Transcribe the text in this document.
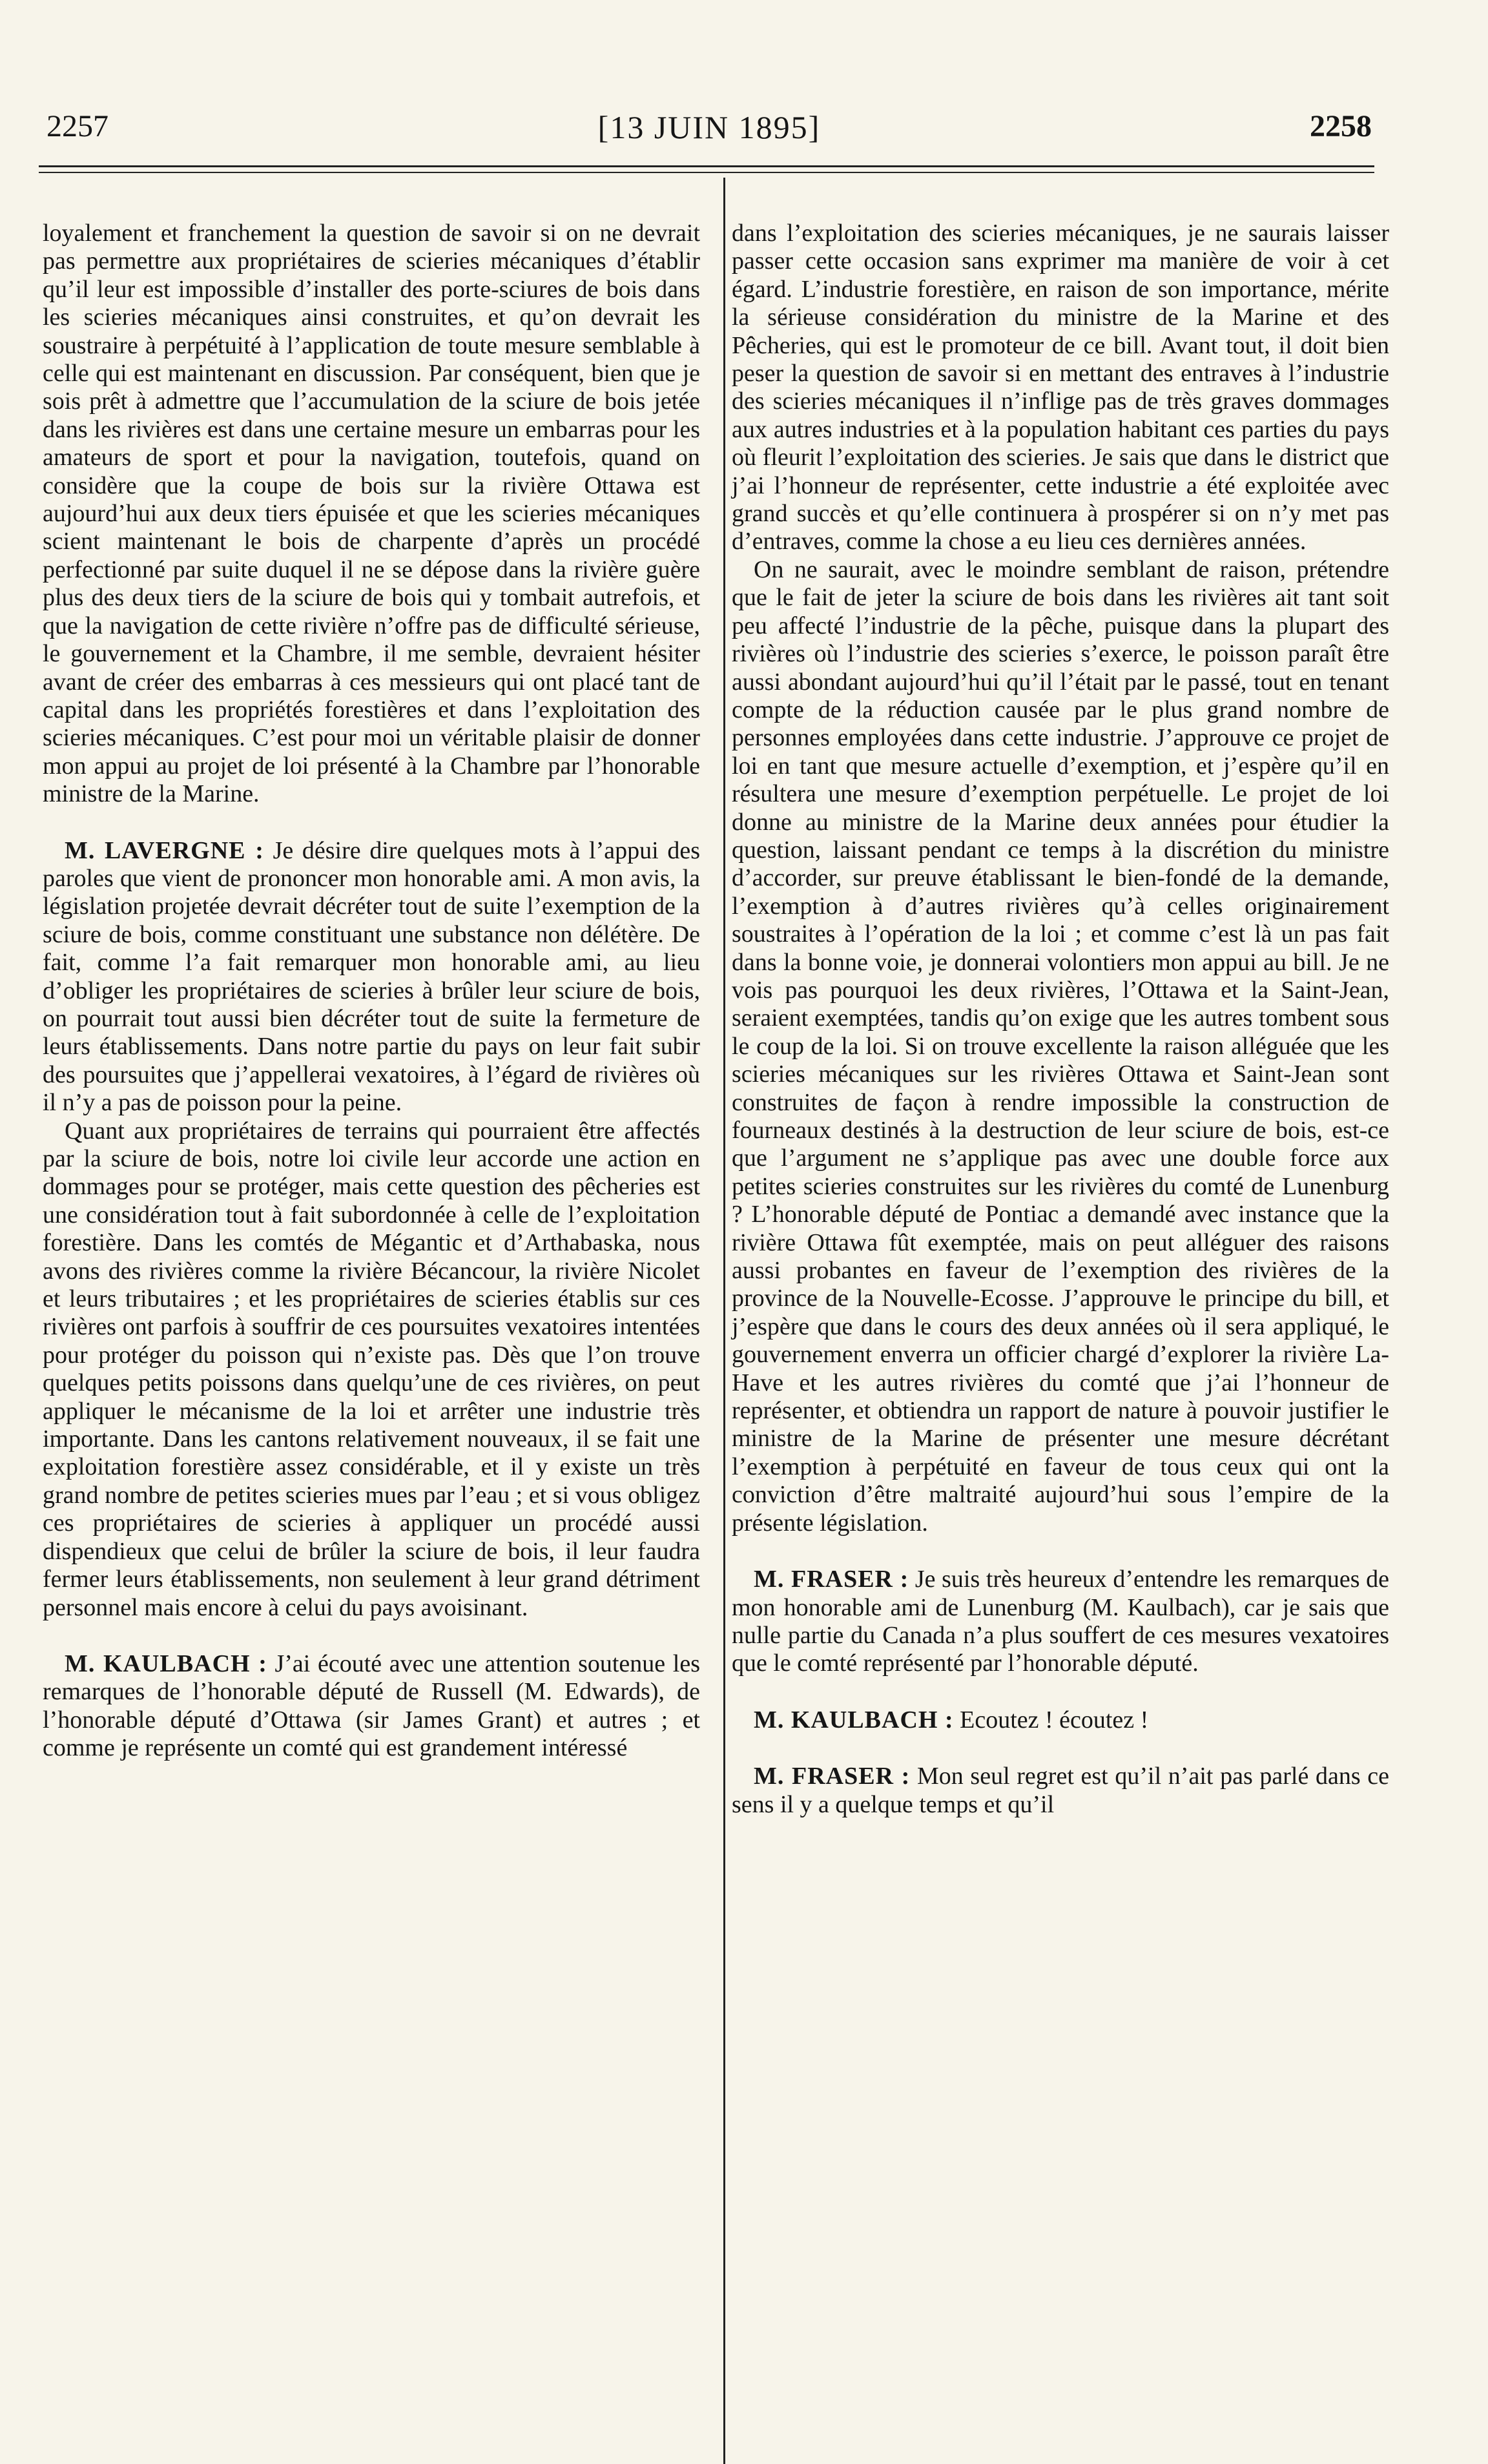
2257	[13 JUIN 1895]	2258

loyalement et franchement la question de savoir si on ne devrait pas permettre aux propriétaires de scieries mécaniques d’établir qu’il leur est impossible d’installer des porte-sciures de bois dans les scieries mécaniques ainsi construites, et qu’on devrait les soustraire à perpétuité à l’application de toute mesure semblable à celle qui est maintenant en discussion. Par conséquent, bien que je sois prêt à admettre que l’accumulation de la sciure de bois jetée dans les rivières est dans une certaine mesure un embarras pour les amateurs de sport et pour la navigation, toutefois, quand on considère que la coupe de bois sur la rivière Ottawa est aujourd’hui aux deux tiers épuisée et que les scieries mécaniques scient maintenant le bois de charpente d’après un procédé perfectionné par suite duquel il ne se dépose dans la rivière guère plus des deux tiers de la sciure de bois qui y tombait autrefois, et que la navigation de cette rivière n’offre pas de difficulté sérieuse, le gouvernement et la Chambre, il me semble, devraient hésiter avant de créer des embarras à ces messieurs qui ont placé tant de capital dans les propriétés forestières et dans l’exploitation des scieries mécaniques. C’est pour moi un véritable plaisir de donner mon appui au projet de loi présenté à la Chambre par l’honorable ministre de la Marine.

M. LAVERGNE : Je désire dire quelques mots à l’appui des paroles que vient de prononcer mon honorable ami. A mon avis, la législation projetée devrait décréter tout de suite l’exemption de la sciure de bois, comme constituant une substance non délétère. De fait, comme l’a fait remarquer mon honorable ami, au lieu d’obliger les propriétaires de scieries à brûler leur sciure de bois, on pourrait tout aussi bien décréter tout de suite la fermeture de leurs établissements. Dans notre partie du pays on leur fait subir des poursuites que j’appellerai vexatoires, à l’égard de rivières où il n’y a pas de poisson pour la peine.

Quant aux propriétaires de terrains qui pourraient être affectés par la sciure de bois, notre loi civile leur accorde une action en dommages pour se protéger, mais cette question des pêcheries est une considération tout à fait subordonnée à celle de l’exploitation forestière. Dans les comtés de Mégantic et d’Arthabaska, nous avons des rivières comme la rivière Bécancour, la rivière Nicolet et leurs tributaires ; et les propriétaires de scieries établis sur ces rivières ont parfois à souffrir de ces poursuites vexatoires intentées pour protéger du poisson qui n’existe pas. Dès que l’on trouve quelques petits poissons dans quelqu’une de ces rivières, on peut appliquer le mécanisme de la loi et arrêter une industrie très importante. Dans les cantons relativement nouveaux, il se fait une exploitation forestière assez considérable, et il y existe un très grand nombre de petites scieries mues par l’eau ; et si vous obligez ces propriétaires de scieries à appliquer un procédé aussi dispendieux que celui de brûler la sciure de bois, il leur faudra fermer leurs établissements, non seulement à leur grand détriment personnel mais encore à celui du pays avoisinant.

M. KAULBACH : J’ai écouté avec une attention soutenue les remarques de l’honorable député de Russell (M. Edwards), de l’honorable député d’Ottawa (sir James Grant) et autres ; et comme je représente un comté qui est grandement intéressé

dans l’exploitation des scieries mécaniques, je ne saurais laisser passer cette occasion sans exprimer ma manière de voir à cet égard. L’industrie forestière, en raison de son importance, mérite la sérieuse considération du ministre de la Marine et des Pêcheries, qui est le promoteur de ce bill. Avant tout, il doit bien peser la question de savoir si en mettant des entraves à l’industrie des scieries mécaniques il n’inflige pas de très graves dommages aux autres industries et à la population habitant ces parties du pays où fleurit l’exploitation des scieries. Je sais que dans le district que j’ai l’honneur de représenter, cette industrie a été exploitée avec grand succès et qu’elle continuera à prospérer si on n’y met pas d’entraves, comme la chose a eu lieu ces dernières années.

On ne saurait, avec le moindre semblant de raison, prétendre que le fait de jeter la sciure de bois dans les rivières ait tant soit peu affecté l’industrie de la pêche, puisque dans la plupart des rivières où l’industrie des scieries s’exerce, le poisson paraît être aussi abondant aujourd’hui qu’il l’était par le passé, tout en tenant compte de la réduction causée par le plus grand nombre de personnes employées dans cette industrie. J’approuve ce projet de loi en tant que mesure actuelle d’exemption, et j’espère qu’il en résultera une mesure d’exemption perpétuelle. Le projet de loi donne au ministre de la Marine deux années pour étudier la question, laissant pendant ce temps à la discrétion du ministre d’accorder, sur preuve établissant le bien-fondé de la demande, l’exemption à d’autres rivières qu’à celles originairement soustraites à l’opération de la loi ; et comme c’est là un pas fait dans la bonne voie, je donnerai volontiers mon appui au bill. Je ne vois pas pourquoi les deux rivières, l’Ottawa et la Saint-Jean, seraient exemptées, tandis qu’on exige que les autres tombent sous le coup de la loi. Si on trouve excellente la raison alléguée que les scieries mécaniques sur les rivières Ottawa et Saint-Jean sont construites de façon à rendre impossible la construction de fourneaux destinés à la destruction de leur sciure de bois, est-ce que l’argument ne s’applique pas avec une double force aux petites scieries construites sur les rivières du comté de Lunenburg ? L’honorable député de Pontiac a demandé avec instance que la rivière Ottawa fût exemptée, mais on peut alléguer des raisons aussi probantes en faveur de l’exemption des rivières de la province de la Nouvelle-Ecosse. J’approuve le principe du bill, et j’espère que dans le cours des deux années où il sera appliqué, le gouvernement enverra un officier chargé d’explorer la rivière La-Have et les autres rivières du comté que j’ai l’honneur de représenter, et obtiendra un rapport de nature à pouvoir justifier le ministre de la Marine de présenter une mesure décrétant l’exemption à perpétuité en faveur de tous ceux qui ont la conviction d’être maltraité aujourd’hui sous l’empire de la présente législation.

M. FRASER : Je suis très heureux d’entendre les remarques de mon honorable ami de Lunenburg (M. Kaulbach), car je sais que nulle partie du Canada n’a plus souffert de ces mesures vexatoires que le comté représenté par l’honorable député.

M. KAULBACH : Ecoutez ! écoutez !

M. FRASER : Mon seul regret est qu’il n’ait pas parlé dans ce sens il y a quelque temps et qu’il
